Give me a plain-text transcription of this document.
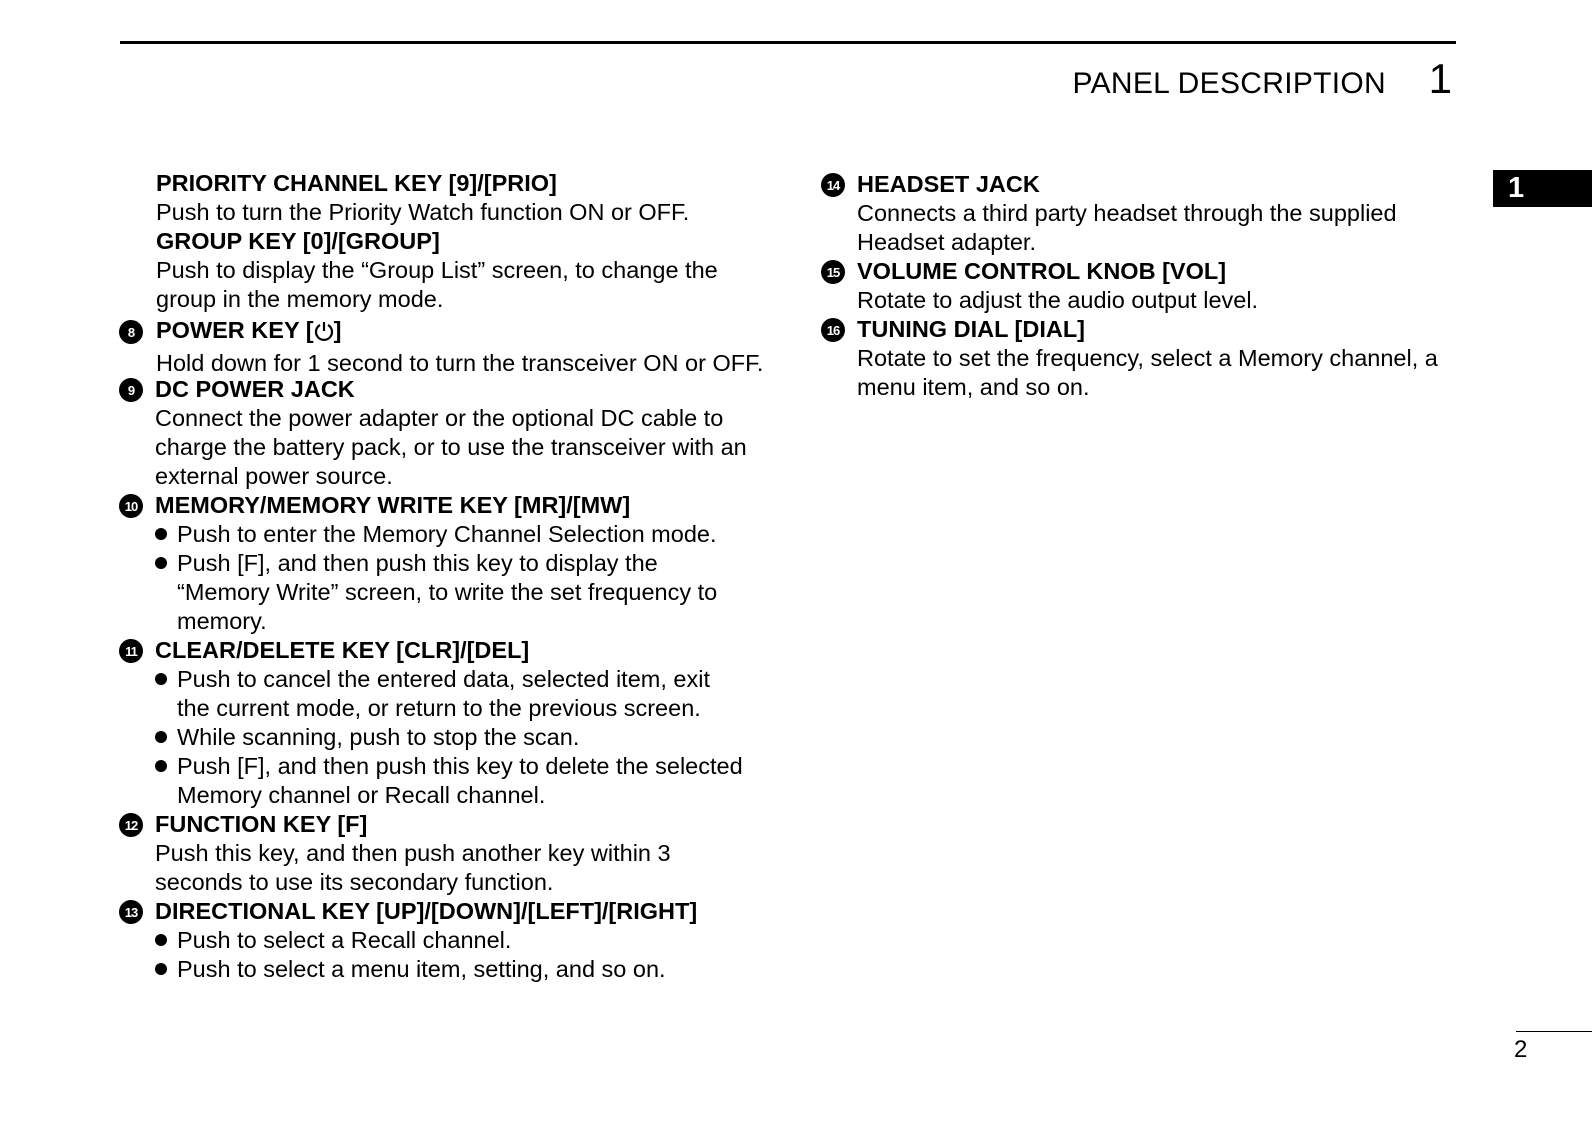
PANEL DESCRIPTION 1
1
PRIORITY CHANNEL KEY [9]/[PRIO]
Push to turn the Priority Watch function ON or OFF.
GROUP KEY [0]/[GROUP]
Push to display the “Group List” screen, to change the
group in the memory mode.
8 POWER KEY [ ]
Hold down for 1 second to turn the transceiver ON or OFF.
9 DC POWER JACK
Connect the power adapter or the optional DC cable to
charge the battery pack, or to use the transceiver with an
external power source.
10 MEMORY/MEMORY WRITE KEY [MR]/[MW]
Push to enter the Memory Channel Selection mode.
Push [F], and then push this key to display the
“Memory Write” screen, to write the set frequency to
memory.
11 CLEAR/DELETE KEY [CLR]/[DEL]
Push to cancel the entered data, selected item, exit
the current mode, or return to the previous screen.
While scanning, push to stop the scan.
Push [F], and then push this key to delete the selected
Memory channel or Recall channel.
12 FUNCTION KEY [F]
Push this key, and then push another key within 3
seconds to use its secondary function.
13 DIRECTIONAL KEY [UP]/[DOWN]/[LEFT]/[RIGHT]
Push to select a Recall channel.
Push to select a menu item, setting, and so on.
14 HEADSET JACK
Connects a third party headset through the supplied
Headset adapter.
15 VOLUME CONTROL KNOB [VOL]
Rotate to adjust the audio output level.
16 TUNING DIAL [DIAL]
Rotate to set the frequency, select a Memory channel, a
menu item, and so on.
2
